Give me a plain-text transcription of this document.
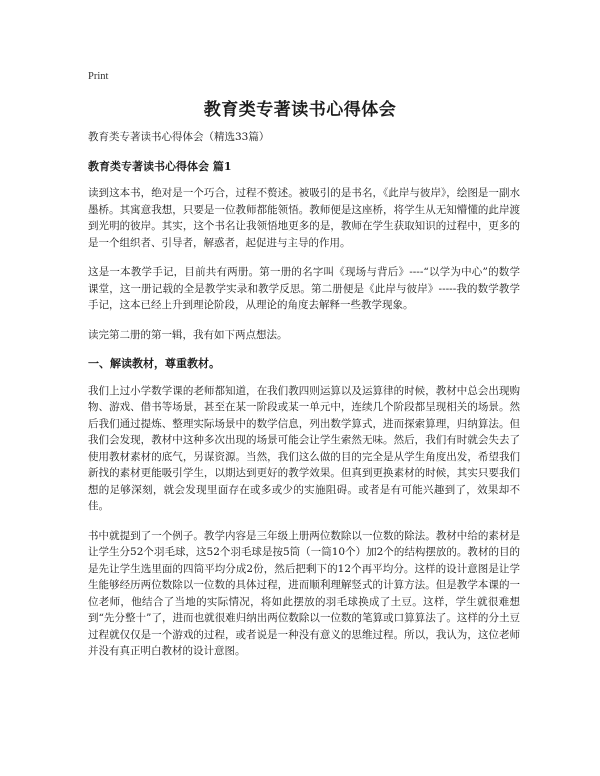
Print
教育类专著读书心得体会

教育类专著读书心得体会（精选33篇）

教育类专著读书心得体会 篇1

读到这本书，绝对是一个巧合，过程不赘述。被吸引的是书名，《此岸与彼岸》，绘图是一副水墨桥。其寓意我想，只要是一位教师都能领悟。教师便是这座桥，将学生从无知懵懂的此岸渡到光明的彼岸。其实，这个书名让我领悟地更多的是，教师在学生获取知识的过程中，更多的是一个组织者、引导者，解惑者，起促进与主导的作用。

这是一本教学手记，目前共有两册。第一册的名字叫《现场与背后》----“以学为中心”的数学课堂，这一册记载的全是教学实录和教学反思。第二册便是《此岸与彼岸》-----我的数学教学手记，这本已经上升到理论阶段，从理论的角度去解释一些教学现象。

读完第二册的第一辑，我有如下两点想法。

一、解读教材，尊重教材。

我们上过小学数学课的老师都知道，在我们教四则运算以及运算律的时候，教材中总会出现购物、游戏、借书等场景，甚至在某一阶段或某一单元中，连续几个阶段都呈现相关的场景。然后我们通过提炼、整理实际场景中的数学信息，列出数学算式，进而探索算理，归纳算法。但我们会发现，教材中这种多次出现的场景可能会让学生索然无味。然后，我们有时就会失去了使用教材素材的底气，另谋资源。当然，我们这么做的目的完全是从学生角度出发，希望我们新找的素材更能吸引学生，以期达到更好的教学效果。但真到更换素材的时候，其实只要我们想的足够深刻，就会发现里面存在或多或少的实施阻碍。或者是有可能兴趣到了，效果却不佳。

书中就提到了一个例子。教学内容是三年级上册两位数除以一位数的除法。教材中给的素材是让学生分52个羽毛球，这52个羽毛球是按5筒（一筒10个）加2个的结构摆放的。教材的目的是先让学生选里面的四筒平均分成2份，然后把剩下的12个再平均分。这样的设计意图是让学生能够经历两位数除以一位数的具体过程，进而顺利理解竖式的计算方法。但是教学本课的一位老师，他结合了当地的实际情况，将如此摆放的羽毛球换成了土豆。这样，学生就很难想到“先分整十”了，进而也就很难归纳出两位数除以一位数的笔算或口算算法了。这样的分土豆过程就仅仅是一个游戏的过程，或者说是一种没有意义的思维过程。所以，我认为，这位老师并没有真正明白教材的设计意图。
